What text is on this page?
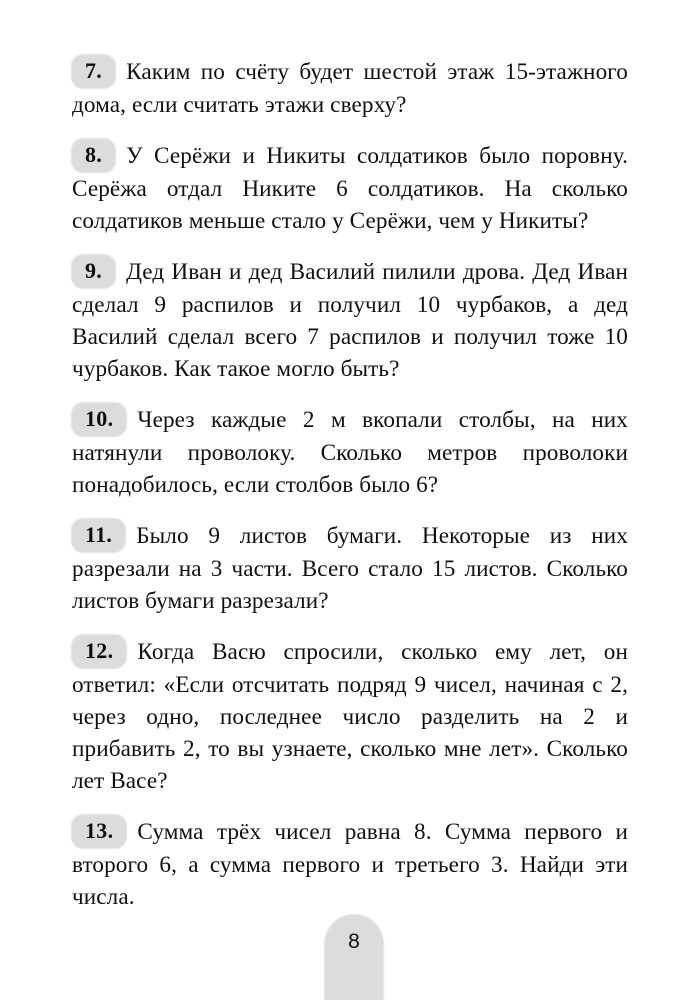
7. Каким по счёту будет шестой этаж 15-этажного дома, если считать этажи сверху?

8. У Серёжи и Никиты солдатиков было поровну. Серёжа отдал Никите 6 солдатиков. На сколько солдатиков меньше стало у Серёжи, чем у Никиты?

9. Дед Иван и дед Василий пилили дрова. Дед Иван сделал 9 распилов и получил 10 чурбаков, а дед Василий сделал всего 7 распилов и получил тоже 10 чурбаков. Как такое могло быть?

10. Через каждые 2 м вкопали столбы, на них натянули проволоку. Сколько метров проволоки понадобилось, если столбов было 6?

11. Было 9 листов бумаги. Некоторые из них разрезали на 3 части. Всего стало 15 листов. Сколько листов бумаги разрезали?

12. Когда Васю спросили, сколько ему лет, он ответил: «Если отсчитать подряд 9 чисел, начиная с 2, через одно, последнее число разделить на 2 и прибавить 2, то вы узнаете, сколько мне лет». Сколько лет Васе?

13. Сумма трёх чисел равна 8. Сумма первого и второго 6, а сумма первого и третьего 3. Найди эти числа.

8
